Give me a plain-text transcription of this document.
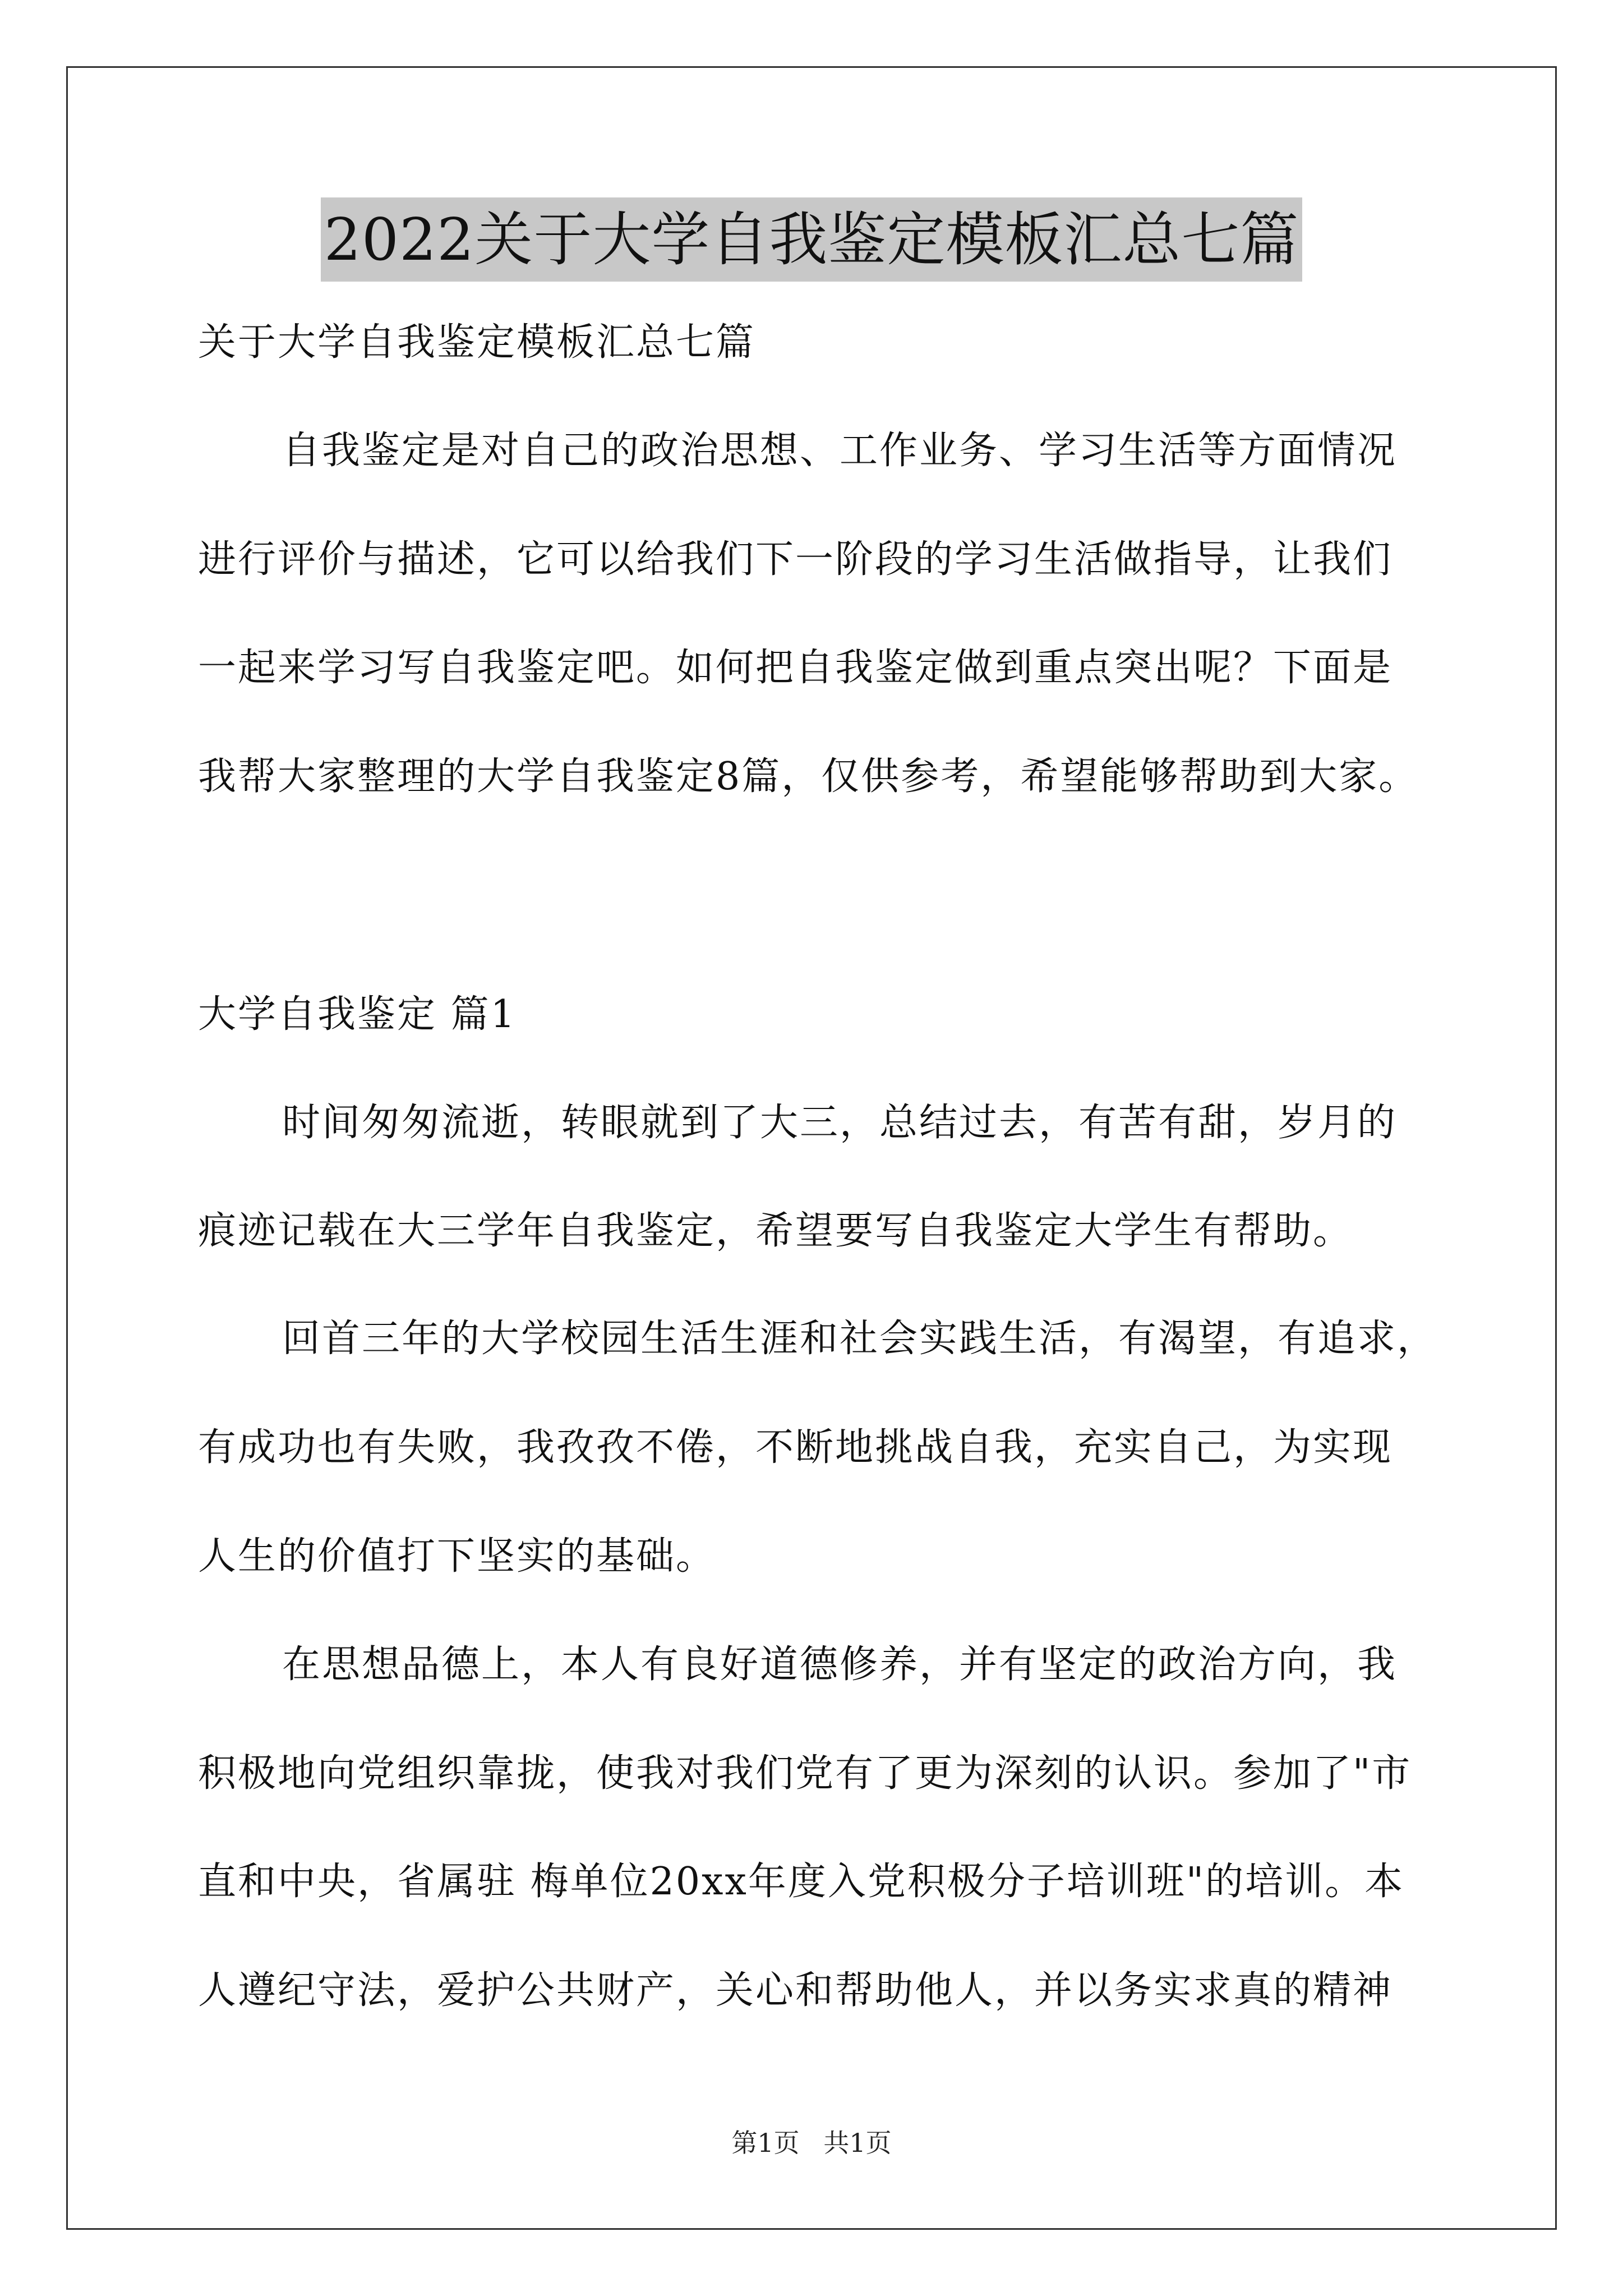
2022关于大学自我鉴定模板汇总七篇

关于大学自我鉴定模板汇总七篇

自我鉴定是对自己的政治思想、工作业务、学习生活等方面情况

进行评价与描述，它可以给我们下一阶段的学习生活做指导，让我们

一起来学习写自我鉴定吧。如何把自我鉴定做到重点突出呢？下面是

我帮大家整理的大学自我鉴定8篇，仅供参考，希望能够帮助到大家。

大学自我鉴定 篇1

时间匆匆流逝，转眼就到了大三，总结过去，有苦有甜，岁月的

痕迹记载在大三学年自我鉴定，希望要写自我鉴定大学生有帮助。

回首三年的大学校园生活生涯和社会实践生活，有渴望，有追求，

有成功也有失败，我孜孜不倦，不断地挑战自我，充实自己，为实现

人生的价值打下坚实的基础。

在思想品德上，本人有良好道德修养，并有坚定的政治方向，我

积极地向党组织靠拢，使我对我们党有了更为深刻的认识。参加了"市

直和中央，省属驻 梅单位20xx年度入党积极分子培训班"的培训。本

人遵纪守法，爱护公共财产，关心和帮助他人，并以务实求真的精神

第1页 共1页
